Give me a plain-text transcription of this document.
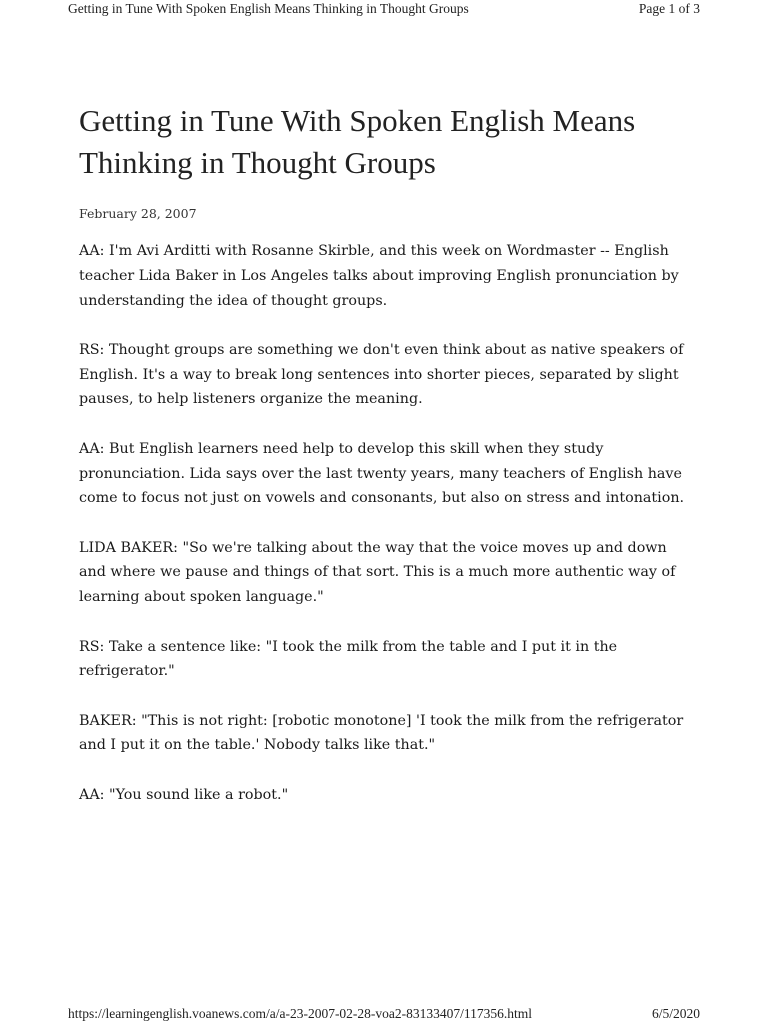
Getting in Tune With Spoken English Means Thinking in Thought Groups	Page 1 of 3
Getting in Tune With Spoken English Means Thinking in Thought Groups
February 28, 2007

AA: I'm Avi Arditti with Rosanne Skirble, and this week on Wordmaster -- English teacher Lida Baker in Los Angeles talks about improving English pronunciation by understanding the idea of thought groups.

RS: Thought groups are something we don't even think about as native speakers of English. It's a way to break long sentences into shorter pieces, separated by slight pauses, to help listeners organize the meaning.

AA: But English learners need help to develop this skill when they study pronunciation. Lida says over the last twenty years, many teachers of English have come to focus not just on vowels and consonants, but also on stress and intonation.

LIDA BAKER: "So we're talking about the way that the voice moves up and down and where we pause and things of that sort. This is a much more authentic way of learning about spoken language."

RS: Take a sentence like: "I took the milk from the table and I put it in the refrigerator."

BAKER: "This is not right: [robotic monotone] 'I took the milk from the refrigerator and I put it on the table.' Nobody talks like that."

AA: "You sound like a robot."

https://learningenglish.voanews.com/a/a-23-2007-02-28-voa2-83133407/117356.html	6/5/2020
